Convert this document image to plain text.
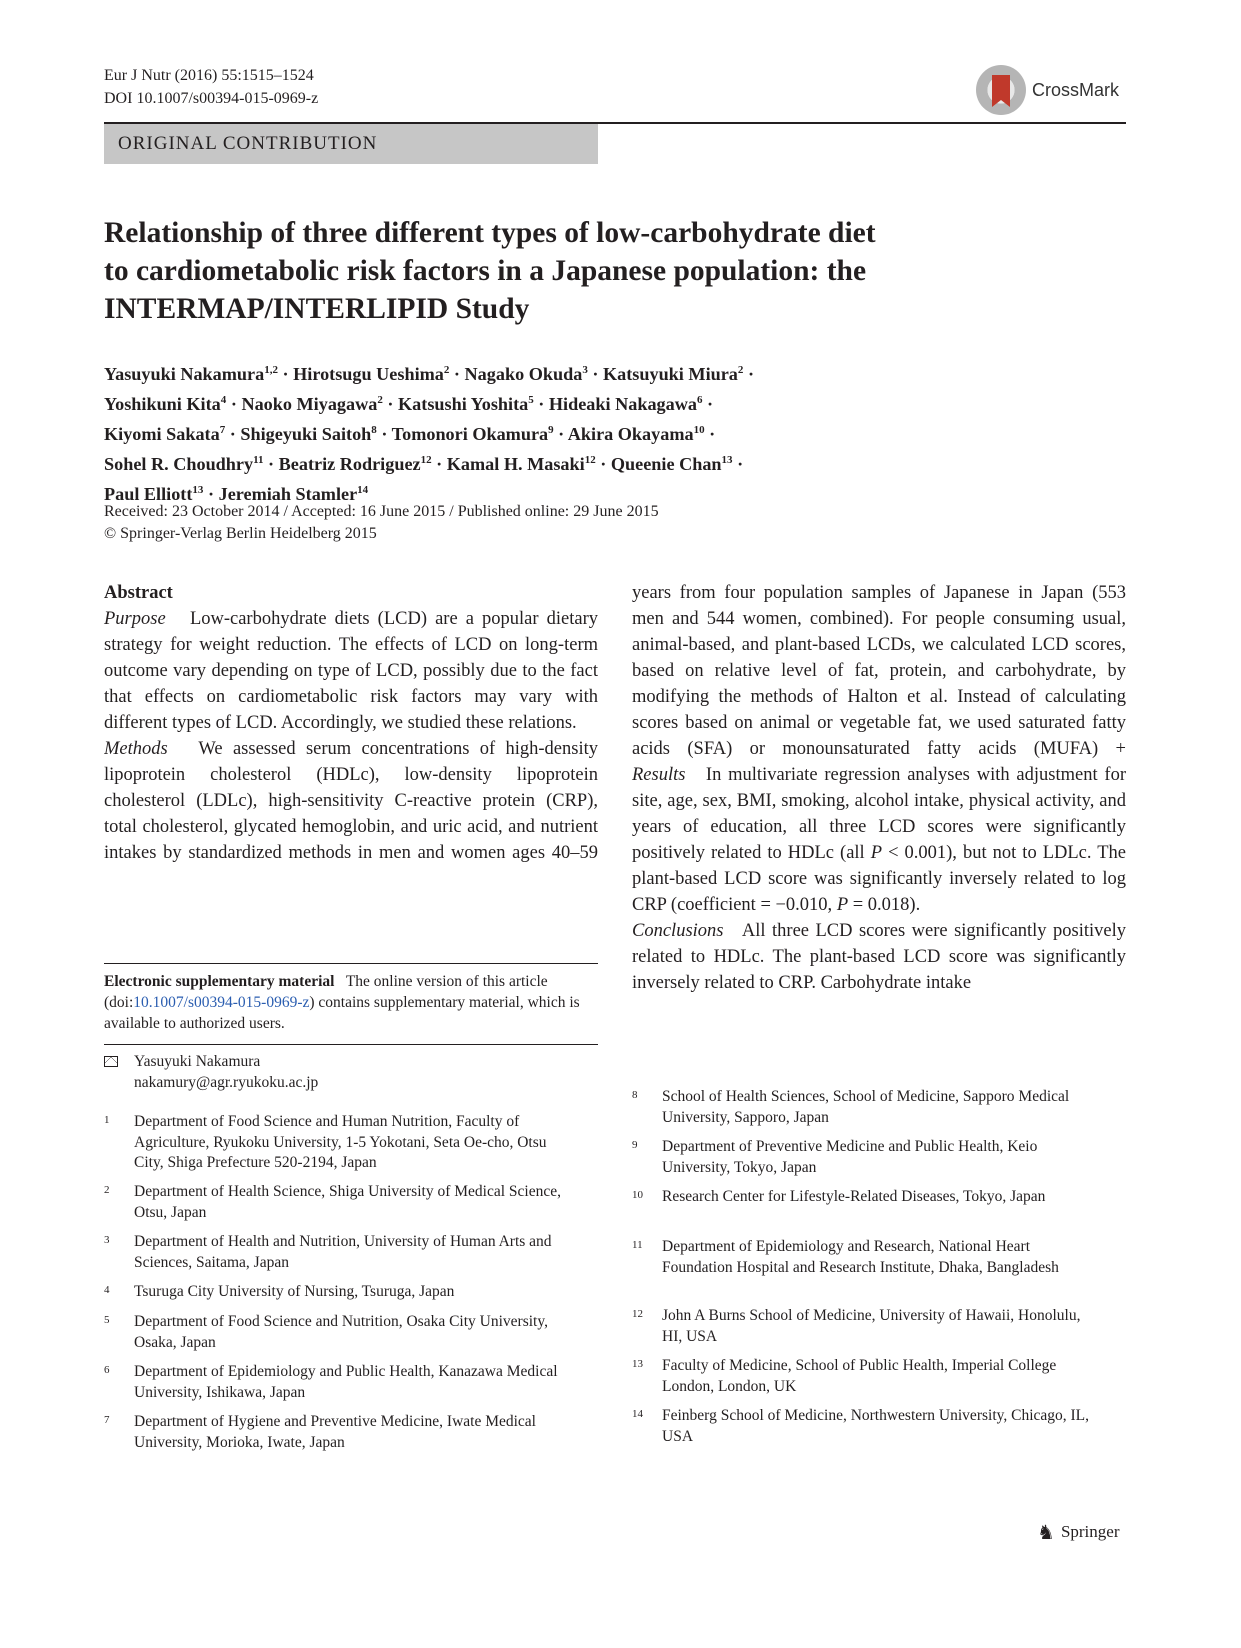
Eur J Nutr (2016) 55:1515–1524
DOI 10.1007/s00394-015-0969-z	CrossMark
ORIGINAL CONTRIBUTION
Relationship of three different types of low-carbohydrate diet
to cardiometabolic risk factors in a Japanese population: the
INTERMAP/INTERLIPID Study
Yasuyuki Nakamura$^{1,2}$ · Hirotsugu Ueshima$^2$ · Nagako Okuda$^3$ · Katsuyuki Miura$^2$ ·
Yoshikuni Kita$^4$ · Naoko Miyagawa$^2$ · Katsushi Yoshita$^5$ · Hideaki Nakagawa$^6$ ·
Kiyomi Sakata$^7$ · Shigeyuki Saitoh$^8$ · Tomonori Okamura$^9$ · Akira Okayama$^{10}$ ·
Sohel R. Choudhry$^{11}$ · Beatriz Rodriguez$^{12}$ · Kamal H. Masaki$^{12}$ · Queenie Chan$^{13}$ ·
Paul Elliott$^{13}$ · Jeremiah Stamler$^{14}$
Received: 23 October 2014 / Accepted: 16 June 2015 / Published online: 29 June 2015
© Springer-Verlag Berlin Heidelberg 2015

Abstract

Purpose Low-carbohydrate diets (LCD) are a popular dietary strategy for weight reduction. The effects of LCD on long-term outcome vary depending on type of LCD, possibly due to the fact that effects on cardiometabolic risk factors may vary with different types of LCD. Accordingly, we studied these relations.

Methods We assessed serum concentrations of high-density lipoprotein cholesterol (HDLc), low-density lipoprotein cholesterol (LDLc), high-sensitivity C-reactive protein (CRP), total cholesterol, glycated hemoglobin, and uric acid, and nutrient intakes by standardized methods in men and women ages 40–59

years from four population samples of Japanese in Japan (553 men and 544 women, combined). For people consuming usual, animal-based, and plant-based LCDs, we calculated LCD scores, based on relative level of fat, protein, and carbohydrate, by modifying the methods of Halton et al. Instead of calculating scores based on animal or vegetable fat, we used saturated fatty acids (SFA) or monounsaturated fatty acids (MUFA) +

Results In multivariate regression analyses with adjustment for site, age, sex, BMI, smoking, alcohol intake, physical activity, and years of education, all three LCD scores were significantly positively related to HDLc (all P < 0.001), but not to LDLc. The plant-based LCD score was significantly inversely related to log CRP (coefficient = −0.010, P = 0.018).

Conclusions All three LCD scores were significantly positively related to HDLc. The plant-based LCD score was significantly inversely related to CRP. Carbohydrate intake

Electronic supplementary material The online version of this article (doi:10.1007/s00394-015-0969-z) contains supplementary material, which is available to authorized users.
Yasuyuki Nakamura
nakamury@agr.ryukoku.ac.jp
1 Department of Food Science and Human Nutrition, Faculty of Agriculture, Ryukoku University, 1-5 Yokotani, Seta Oe-cho, Otsu City, Shiga Prefecture 520-2194, Japan
2 Department of Health Science, Shiga University of Medical Science, Otsu, Japan
3 Department of Health and Nutrition, University of Human Arts and Sciences, Saitama, Japan
4 Tsuruga City University of Nursing, Tsuruga, Japan
5 Department of Food Science and Nutrition, Osaka City University, Osaka, Japan
6 Department of Epidemiology and Public Health, Kanazawa Medical University, Ishikawa, Japan
7 Department of Hygiene and Preventive Medicine, Iwate Medical University, Morioka, Iwate, Japan
8 School of Health Sciences, School of Medicine, Sapporo Medical University, Sapporo, Japan
9 Department of Preventive Medicine and Public Health, Keio University, Tokyo, Japan
10 Research Center for Lifestyle-Related Diseases, Tokyo, Japan
11 Department of Epidemiology and Research, National Heart Foundation Hospital and Research Institute, Dhaka, Bangladesh
12 John A Burns School of Medicine, University of Hawaii, Honolulu, HI, USA
13 Faculty of Medicine, School of Public Health, Imperial College London, London, UK
14 Feinberg School of Medicine, Northwestern University, Chicago, IL, USA
♞ Springer
